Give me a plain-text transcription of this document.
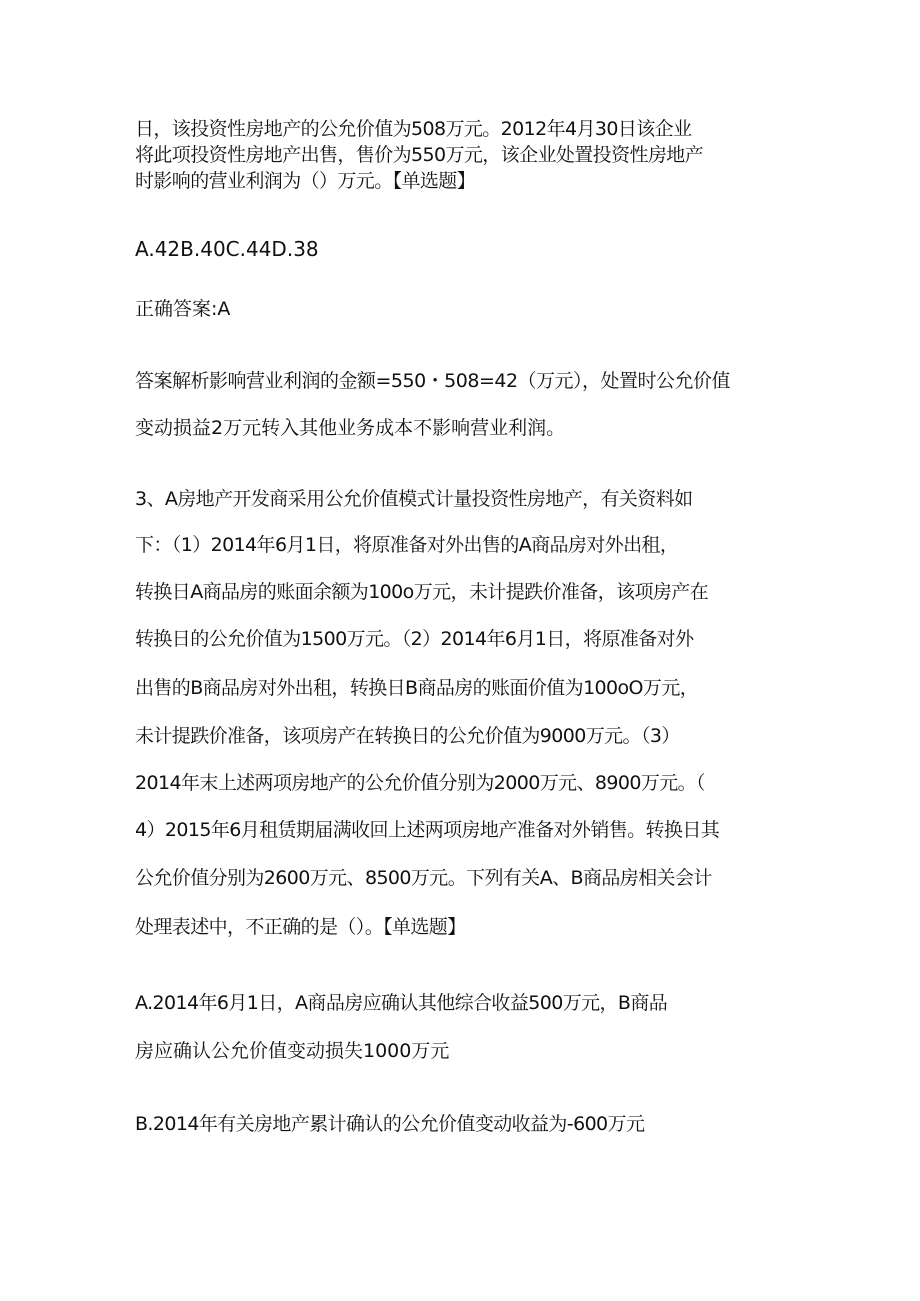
日，该投资性房地产的公允价值为508万元。2012年4月30日该企业
将此项投资性房地产出售，售价为550万元，该企业处置投资性房地产
时影响的营业利润为（）万元。【单选题】
A.42B.40C.44D.38
正确答案:A
答案解析影响营业利润的金额=550・508=42（万元），处置时公允价值
变动损益2万元转入其他业务成本不影响营业利润。
3、A房地产开发商采用公允价值模式计量投资性房地产，有关资料如
下：（1）2014年6月1日，将原准备对外出售的A商品房对外出租，
转换日A商品房的账面余额为100o万元，未计提跌价准备，该项房产在
转换日的公允价值为1500万元。（2）2014年6月1日，将原准备对外
出售的B商品房对外出租，转换日B商品房的账面价值为100oO万元，
未计提跌价准备，该项房产在转换日的公允价值为9000万元。（3）
2014年末上述两项房地产的公允价值分别为2000万元、8900万元。（
4）2015年6月租赁期届满收回上述两项房地产准备对外销售。转换日其
公允价值分别为2600万元、8500万元。下列有关A、B商品房相关会计
处理表述中，不正确的是（）。【单选题】
A.2014年6月1日，A商品房应确认其他综合收益500万元，B商品
房应确认公允价值变动损失1000万元
B.2014年有关房地产累计确认的公允价值变动收益为-600万元
